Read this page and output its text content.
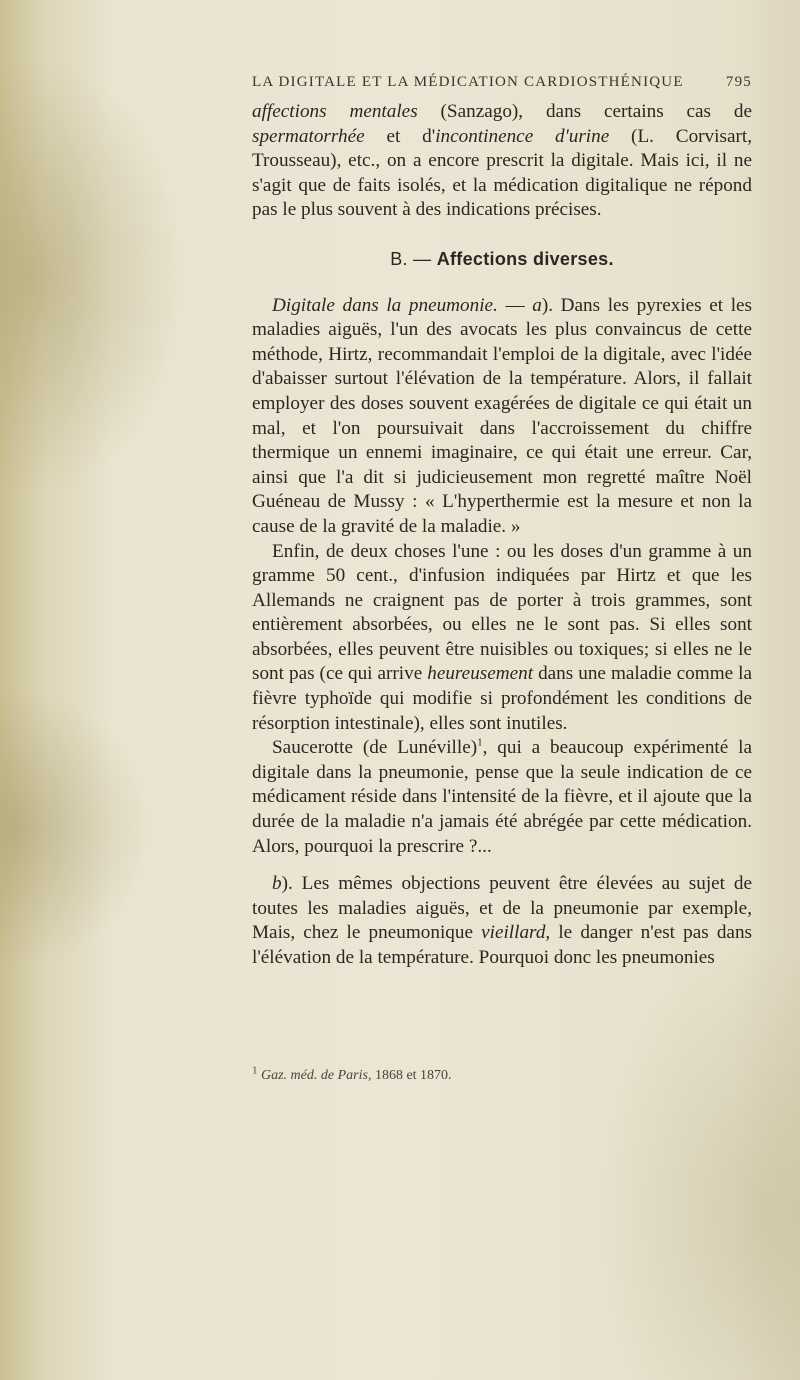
LA DIGITALE ET LA MÉDICATION CARDIOSTHÉNIQUE	795

affections mentales (Sanzago), dans certains cas de spermatorrhée et d'incontinence d'urine (L. Corvisart, Trousseau), etc., on a encore prescrit la digitale. Mais ici, il ne s'agit que de faits isolés, et la médication digitalique ne répond pas le plus souvent à des indications précises.

B. — Affections diverses.

Digitale dans la pneumonie. — a). Dans les pyrexies et les maladies aiguës, l'un des avocats les plus convaincus de cette méthode, Hirtz, recommandait l'emploi de la digitale, avec l'idée d'abaisser surtout l'élévation de la température. Alors, il fallait employer des doses souvent exagérées de digitale ce qui était un mal, et l'on poursuivait dans l'accroissement du chiffre thermique un ennemi imaginaire, ce qui était une erreur. Car, ainsi que l'a dit si judicieusement mon regretté maître Noël Guéneau de Mussy : « L'hyperthermie est la mesure et non la cause de la gravité de la maladie. »

Enfin, de deux choses l'une : ou les doses d'un gramme à un gramme 50 cent., d'infusion indiquées par Hirtz et que les Allemands ne craignent pas de porter à trois grammes, sont entièrement absorbées, ou elles ne le sont pas. Si elles sont absorbées, elles peuvent être nuisibles ou toxiques; si elles ne le sont pas (ce qui arrive heureusement dans une maladie comme la fièvre typhoïde qui modifie si profondément les conditions de résorption intestinale), elles sont inutiles.

Saucerotte (de Lunéville)$^1$, qui a beaucoup expérimenté la digitale dans la pneumonie, pense que la seule indication de ce médicament réside dans l'intensité de la fièvre, et il ajoute que la durée de la maladie n'a jamais été abrégée par cette médication. Alors, pourquoi la prescrire ?...

b). Les mêmes objections peuvent être élevées au sujet de toutes les maladies aiguës, et de la pneumonie par exemple, Mais, chez le pneumonique vieillard, le danger n'est pas dans l'élévation de la température. Pourquoi donc les pneumonies

$^1$ Gaz. méd. de Paris, 1868 et 1870.
